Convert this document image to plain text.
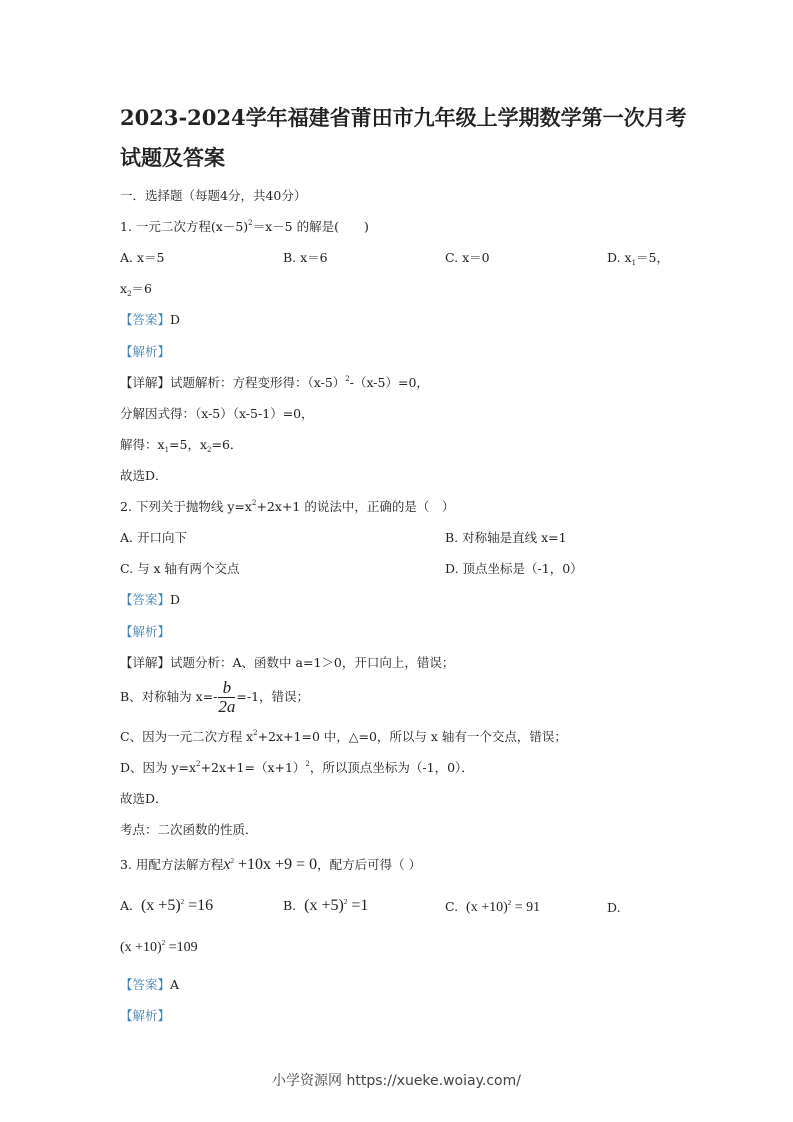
2023-2024学年福建省莆田市九年级上学期数学第一次月考
试题及答案
一．选择题（每题4分，共40分）
1. 一元二次方程$(x-5)^2=x-5$ 的解是(　　)
A. x＝5	B. x＝6	C. x＝0	D. $x_1=5$，
$x_2=6$
【答案】D
【解析】
【详解】试题解析：方程变形得：$(x-5)^2-(x-5)=0$，
分解因式得：（x-5）（x-5-1）=0，
解得：$x_1=5$，$x_2=6$．
故选D．
2. 下列关于抛物线 $y=x^2+2x+1$ 的说法中，正确的是（　）
A. 开口向下	B. 对称轴是直线 x=1
C. 与 x 轴有两个交点	D. 顶点坐标是（-1，0）
【答案】D
【解析】
【详解】试题分析：A、函数中 a=1＞0，开口向上，错误；
B、对称轴为 $x=- \frac{b}{2a} =-1$，错误；
C、因为一元二次方程 $x^2+2x+1=0$ 中，△=0，所以与 x 轴有一个交点，错误；
D、因为 $y=x^2+2x+1=(x+1)^2$，所以顶点坐标为（-1，0）．
故选D．
考点：二次函数的性质．
3. 用配方法解方程$x^2 +10x +9 = 0$，配方后可得（ ）
A. $(x +5)^2 =16$	B. $(x +5)^2 =1$	C. $(x +10)^2 = 91$	D.
$(x +10)^2 =109$
【答案】A
【解析】
小学资源网 https://xueke.woiay.com/
